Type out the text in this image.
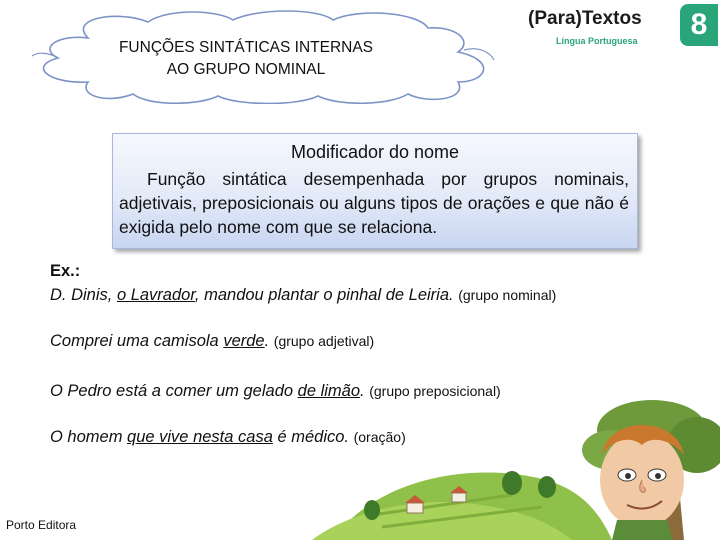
FUNÇÕES SINTÁTICAS INTERNAS
AO GRUPO NOMINAL
(Para)Textos
Língua Portuguesa	8
Modificador do nome
Função sintática desempenhada por grupos nominais, adjetivais, preposicionais ou alguns tipos de orações e que não é exigida pelo nome com que se relaciona.
Ex.:
D. Dinis, o Lavrador, mandou plantar o pinhal de Leiria. (grupo nominal)
Comprei uma camisola verde. (grupo adjetival)
O Pedro está a comer um gelado de limão. (grupo preposicional)
O homem que vive nesta casa é médico. (oração)
Porto Editora
